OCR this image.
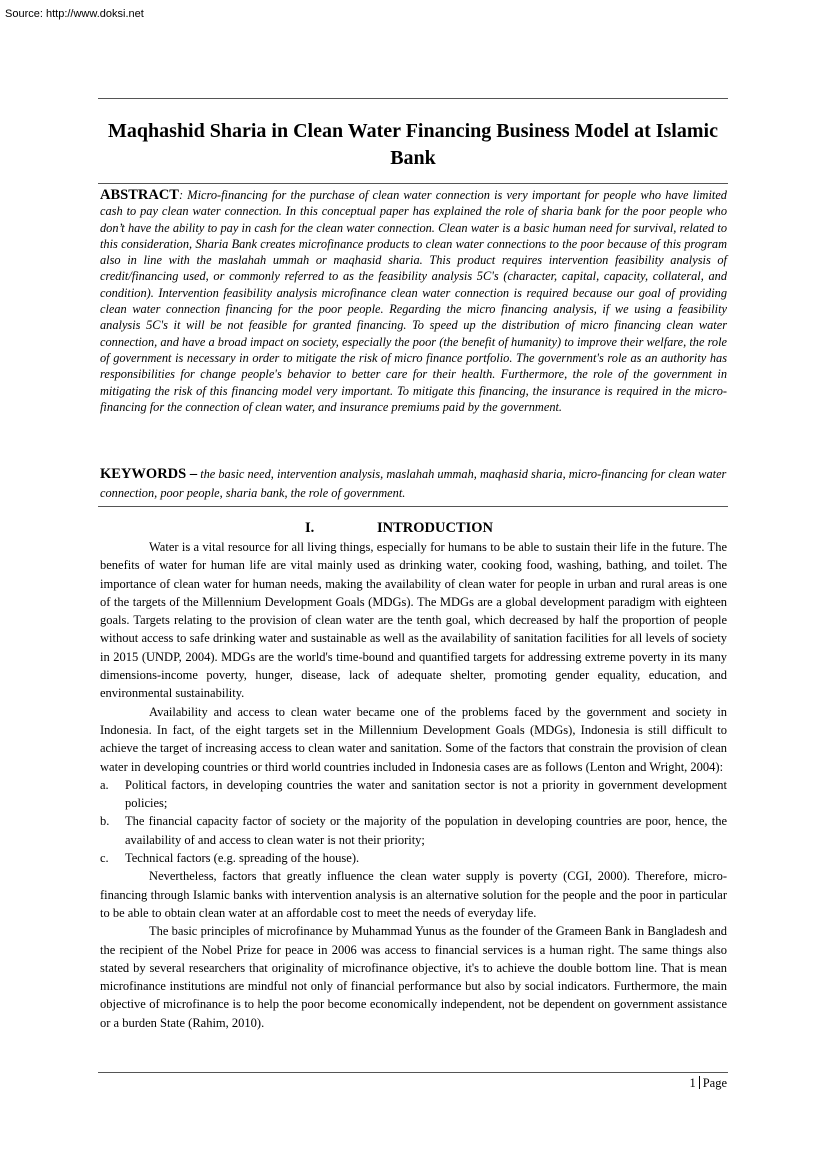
Source: http://www.doksi.net
Maqhashid Sharia in Clean Water Financing Business Model at Islamic Bank
ABSTRACT: Micro-financing for the purchase of clean water connection is very important for people who have limited cash to pay clean water connection. In this conceptual paper has explained the role of sharia bank for the poor people who don’t have the ability to pay in cash for the clean water connection. Clean water is a basic human need for survival, related to this consideration, Sharia Bank creates microfinance products to clean water connections to the poor because of this program also in line with the maslahah ummah or maqhasid sharia. This product requires intervention feasibility analysis of credit/financing used, or commonly referred to as the feasibility analysis 5C's (character, capital, capacity, collateral, and condition). Intervention feasibility analysis microfinance clean water connection is required because our goal of providing clean water connection financing for the poor people. Regarding the micro financing analysis, if we using a feasibility analysis 5C's it will be not feasible for granted financing. To speed up the distribution of micro financing clean water connection, and have a broad impact on society, especially the poor (the benefit of humanity) to improve their welfare, the role of government is necessary in order to mitigate the risk of micro finance portfolio. The government's role as an authority has responsibilities for change people's behavior to better care for their health. Furthermore, the role of the government in mitigating the risk of this financing model very important. To mitigate this financing, the insurance is required in the micro-financing for the connection of clean water, and insurance premiums paid by the government.
KEYWORDS – the basic need, intervention analysis, maslahah ummah, maqhasid sharia, micro-financing for clean water connection, poor people, sharia bank, the role of government.
I.	INTRODUCTION

Water is a vital resource for all living things, especially for humans to be able to sustain their life in the future. The benefits of water for human life are vital mainly used as drinking water, cooking food, washing, bathing, and toilet. The importance of clean water for human needs, making the availability of clean water for people in urban and rural areas is one of the targets of the Millennium Development Goals (MDGs). The MDGs are a global development paradigm with eighteen goals. Targets relating to the provision of clean water are the tenth goal, which decreased by half the proportion of people without access to safe drinking water and sustainable as well as the availability of sanitation facilities for all levels of society in 2015 (UNDP, 2004). MDGs are the world's time-bound and quantified targets for addressing extreme poverty in its many dimensions-income poverty, hunger, disease, lack of adequate shelter, promoting gender equality, education, and environmental sustainability.

Availability and access to clean water became one of the problems faced by the government and society in Indonesia. In fact, of the eight targets set in the Millennium Development Goals (MDGs), Indonesia is still difficult to achieve the target of increasing access to clean water and sanitation. Some of the factors that constrain the provision of clean water in developing countries or third world countries included in Indonesia cases are as follows (Lenton and Wright, 2004):

a.	Political factors, in developing countries the water and sanitation sector is not a priority in government development policies;
b.	The financial capacity factor of society or the majority of the population in developing countries are poor, hence, the availability of and access to clean water is not their priority;
c.	Technical factors (e.g. spreading of the house).

Nevertheless, factors that greatly influence the clean water supply is poverty (CGI, 2000). Therefore, micro-financing through Islamic banks with intervention analysis is an alternative solution for the people and the poor in particular to be able to obtain clean water at an affordable cost to meet the needs of everyday life.

The basic principles of microfinance by Muhammad Yunus as the founder of the Grameen Bank in Bangladesh and the recipient of the Nobel Prize for peace in 2006 was access to financial services is a human right. The same things also stated by several researchers that originality of microfinance objective, it's to achieve the double bottom line. That is mean microfinance institutions are mindful not only of financial performance but also by social indicators. Furthermore, the main objective of microfinance is to help the poor become economically independent, not be dependent on government assistance or a burden State (Rahim, 2010).

1 Page
